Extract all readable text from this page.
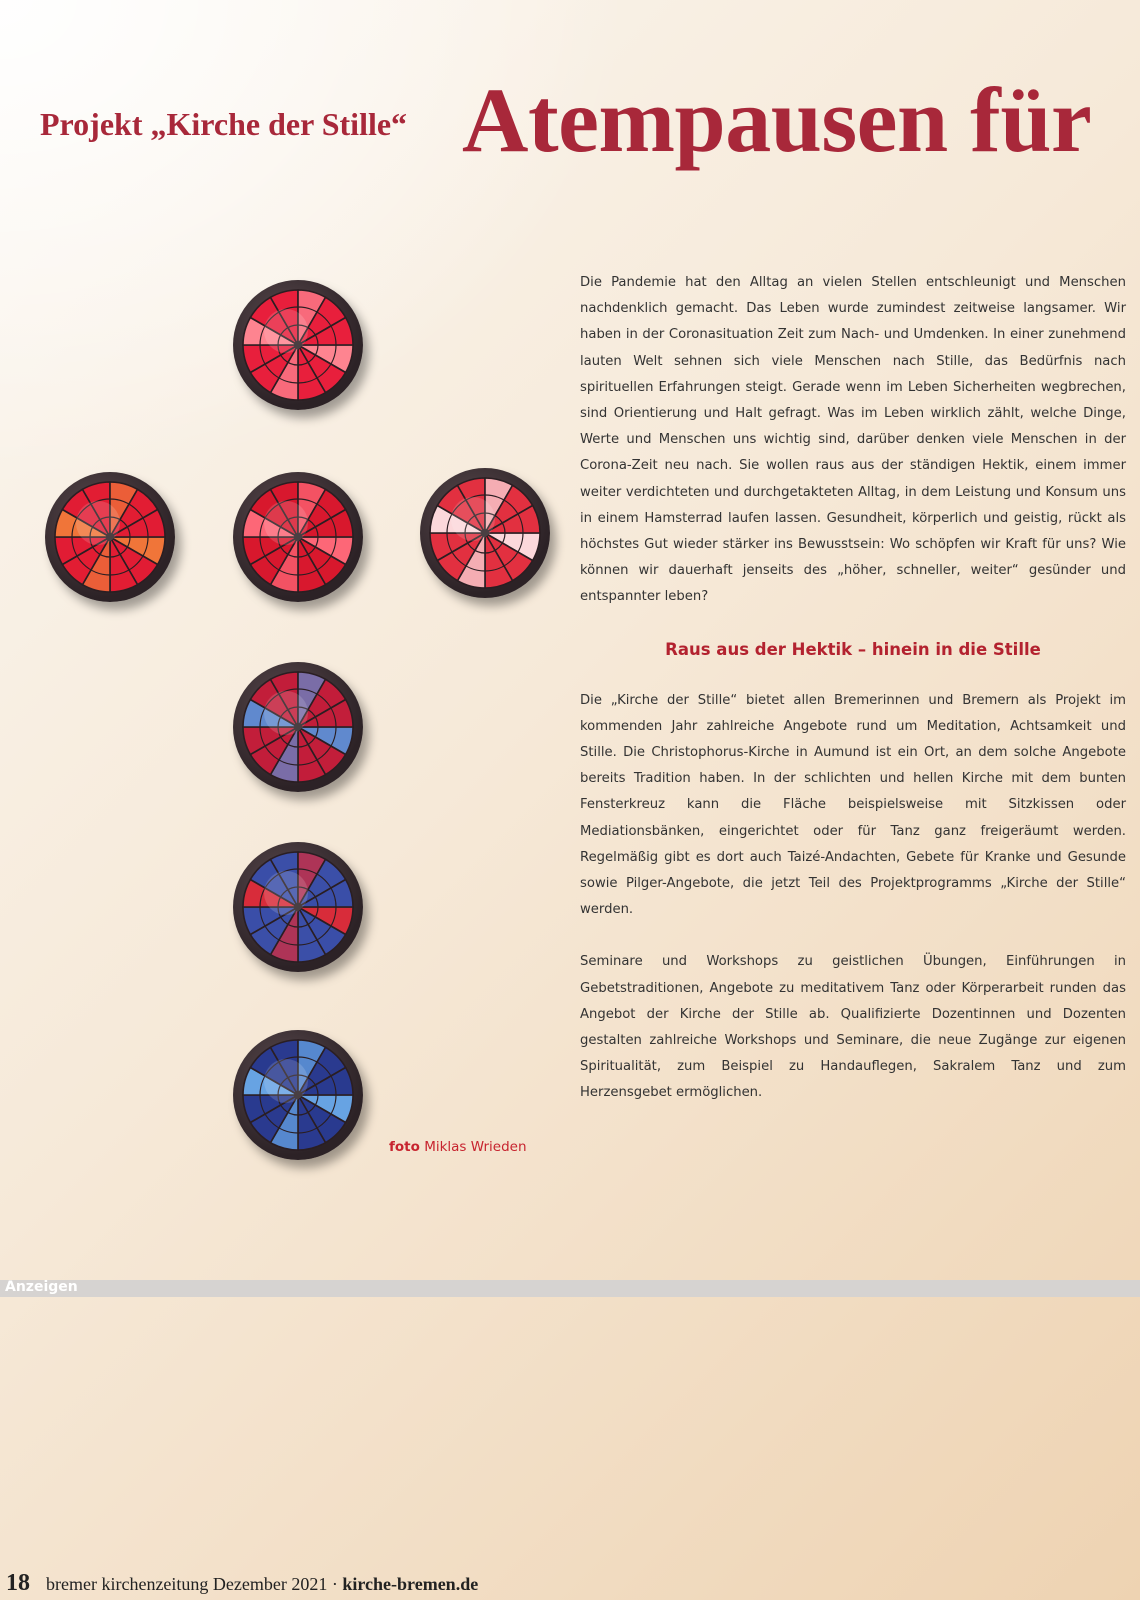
Projekt „Kirche der Stille“ Atempausen für
foto Miklas Wrieden

Die Pandemie hat den Alltag an vielen Stellen entschleunigt und Menschen nachdenklich gemacht. Das Leben wurde zumindest zeitweise langsamer. Wir haben in der Coronasituation Zeit zum Nach- und Umdenken. In einer zunehmend lauten Welt sehnen sich viele Menschen nach Stille, das Bedürfnis nach spirituellen Erfahrungen steigt. Gerade wenn im Leben Sicherheiten wegbrechen, sind Orientierung und Halt gefragt. Was im Leben wirklich zählt, welche Dinge, Werte und Menschen uns wichtig sind, darüber denken viele Menschen in der Corona-Zeit neu nach. Sie wollen raus aus der ständigen Hektik, einem immer weiter verdichteten und durchgetakteten Alltag, in dem Leistung und Konsum uns in einem Hamsterrad laufen lassen. Gesundheit, körperlich und geistig, rückt als höchstes Gut wieder stärker ins Bewusstsein: Wo schöpfen wir Kraft für uns? Wie können wir dauerhaft jenseits des „höher, schneller, weiter“ gesünder und entspannter leben?

Raus aus der Hektik – hinein in die Stille

Die „Kirche der Stille“ bietet allen Bremerinnen und Bremern als Projekt im kommenden Jahr zahlreiche Angebote rund um Meditation, Achtsamkeit und Stille. Die Christophorus-Kirche in Aumund ist ein Ort, an dem solche Angebote bereits Tradition haben. In der schlichten und hellen Kirche mit dem bunten Fensterkreuz kann die Fläche beispielsweise mit Sitzkissen oder Mediationsbänken, eingerichtet oder für Tanz ganz freigeräumt werden. Regelmäßig gibt es dort auch Taizé-Andachten, Gebete für Kranke und Gesunde sowie Pilger-Angebote, die jetzt Teil des Projektprogramms „Kirche der Stille“ werden.

Seminare und Workshops zu geistlichen Übungen, Einführungen in Gebetstraditionen, Angebote zu meditativem Tanz oder Körperarbeit runden das Angebot der Kirche der Stille ab. Qualifizierte Dozentinnen und Dozenten gestalten zahlreiche Workshops und Seminare, die neue Zugänge zur eigenen Spiritualität, zum Beispiel zu Handauflegen, Sakralem Tanz und zum Herzensgebet ermöglichen.

Anzeigen
18 bremer kirchenzeitung Dezember 2021 · kirche-bremen.de
